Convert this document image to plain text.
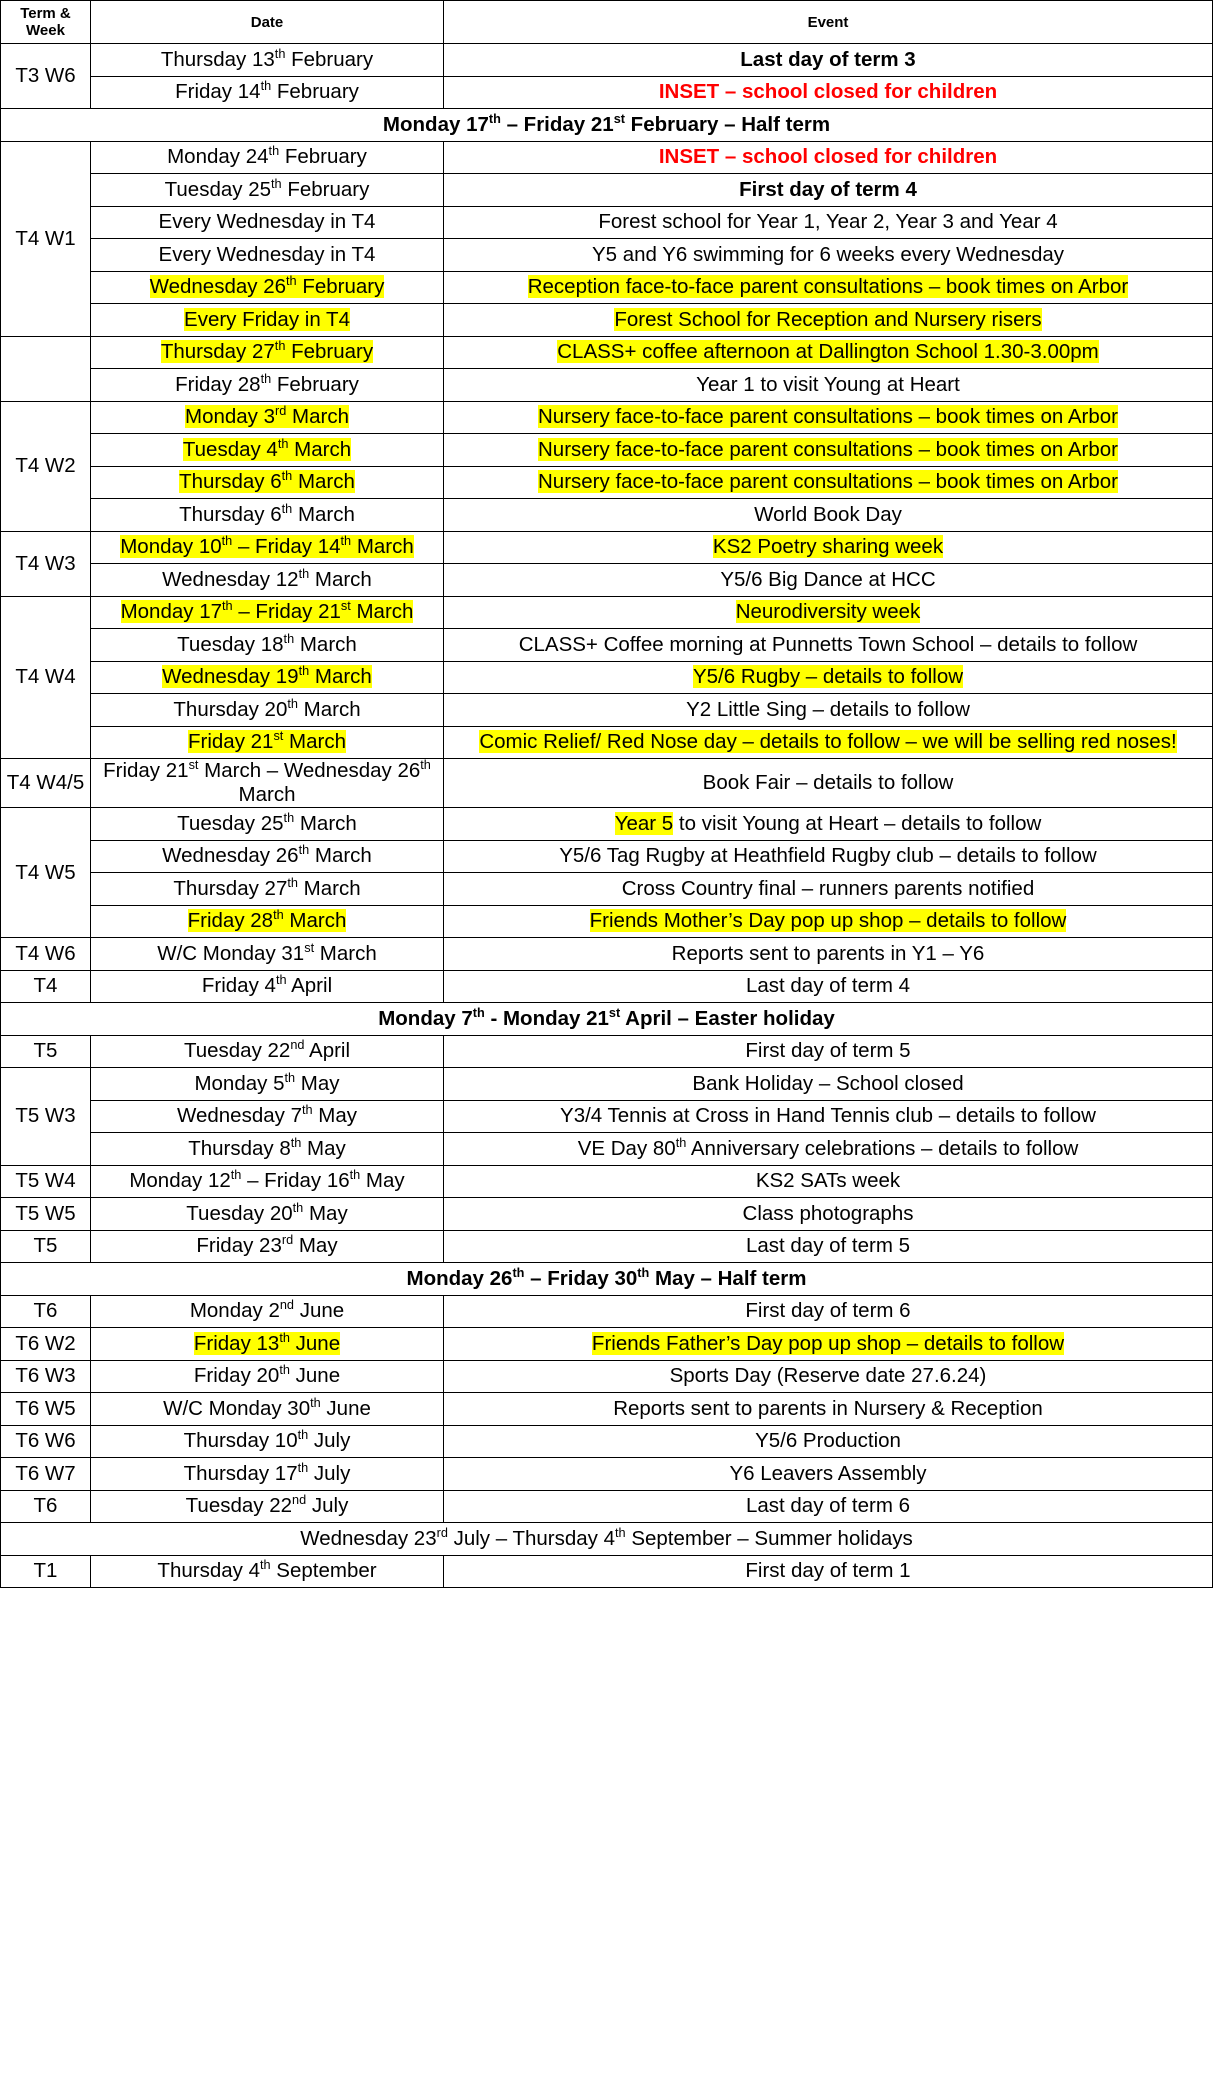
Term & Week	Date	Event
T3 W6	Thursday 13th February	Last day of term 3
	Friday 14th February	INSET – school closed for children
Monday 17th – Friday 21st February – Half term		
T4 W1	Monday 24th February	INSET – school closed for children
	Tuesday 25th February	First day of term 4
	Every Wednesday in T4	Forest school for Year 1, Year 2, Year 3 and Year 4
	Every Wednesday in T4	Y5 and Y6 swimming for 6 weeks every Wednesday
	Wednesday 26th February	Reception face-to-face parent consultations – book times on Arbor
	Every Friday in T4	Forest School for Reception and Nursery risers
	Thursday 27th February	CLASS+ coffee afternoon at Dallington School 1.30-3.00pm
	Friday 28th February	Year 1 to visit Young at Heart
T4 W2	Monday 3rd March	Nursery face-to-face parent consultations – book times on Arbor
	Tuesday 4th March	Nursery face-to-face parent consultations – book times on Arbor
	Thursday 6th March	Nursery face-to-face parent consultations – book times on Arbor
	Thursday 6th March	World Book Day
T4 W3	Monday 10th – Friday 14th March	KS2 Poetry sharing week
	Wednesday 12th March	Y5/6 Big Dance at HCC
T4 W4	Monday 17th – Friday 21st March	Neurodiversity week
	Tuesday 18th March	CLASS+ Coffee morning at Punnetts Town School – details to follow
	Wednesday 19th March	Y5/6 Rugby – details to follow
	Thursday 20th March	Y2 Little Sing – details to follow
	Friday 21st March	Comic Relief/ Red Nose day – details to follow – we will be selling red noses!
T4 W4/5	Friday 21st March – Wednesday 26th March	Book Fair – details to follow
T4 W5	Tuesday 25th March	Year 5 to visit Young at Heart – details to follow
	Wednesday 26th March	Y5/6 Tag Rugby at Heathfield Rugby club – details to follow
	Thursday 27th March	Cross Country final – runners parents notified
	Friday 28th March	Friends Mother’s Day pop up shop – details to follow
T4 W6	W/C Monday 31st March	Reports sent to parents in Y1 – Y6
T4	Friday 4th April	Last day of term 4
Monday 7th - Monday 21st April – Easter holiday		
T5	Tuesday 22nd April	First day of term 5
T5 W3	Monday 5th May	Bank Holiday – School closed
	Wednesday 7th May	Y3/4 Tennis at Cross in Hand Tennis club – details to follow
	Thursday 8th May	VE Day 80th Anniversary celebrations – details to follow
T5 W4	Monday 12th – Friday 16th May	KS2 SATs week
T5 W5	Tuesday 20th May	Class photographs
T5	Friday 23rd May	Last day of term 5
Monday 26th – Friday 30th May – Half term		
T6	Monday 2nd June	First day of term 6
T6 W2	Friday 13th June	Friends Father’s Day pop up shop – details to follow
T6 W3	Friday 20th June	Sports Day (Reserve date 27.6.24)
T6 W5	W/C Monday 30th June	Reports sent to parents in Nursery & Reception
T6 W6	Thursday 10th July	Y5/6 Production
T6 W7	Thursday 17th July	Y6 Leavers Assembly
T6	Tuesday 22nd July	Last day of term 6
Wednesday 23rd July – Thursday 4th September – Summer holidays		
T1	Thursday 4th September	First day of term 1
